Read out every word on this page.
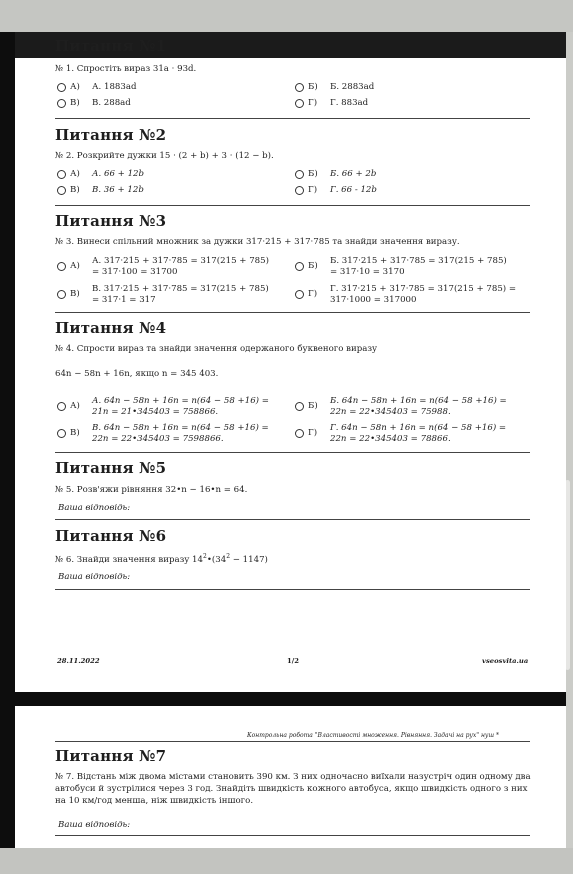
Питання №1
№ 1. Спростіть вираз 31a · 93d.
А) А. 1883ad	Б) Б. 2883ad
В) В. 288ad	Г) Г. 883ad
Питання №2
№ 2. Розкрийте дужки 15 · (2 + b) + 3 · (12 − b).
А) А. 66 + 12b	Б) Б. 66 + 2b
В) В. 36 + 12b	Г) Г. 66 - 12b
Питання №3
№ 3. Винеси спільний множник за дужки 317·215 + 317·785 та знайди значення виразу.
А) А. 317·215 + 317·785 = 317(215 + 785)
= 317·100 = 31700
Б) Б. 317·215 + 317·785 = 317(215 + 785)
= 317·10 = 3170
В) В. 317·215 + 317·785 = 317(215 + 785)
= 317·1 = 317
Г) Г. 317·215 + 317·785 = 317(215 + 785) =
317·1000 = 317000
Питання №4
№ 4. Спрости вираз та знайди значення одержаного буквеного виразу
64n − 58n + 16n, якщо n = 345 403.
А) А. 64n − 58n + 16n = n(64 − 58 +16) =
21n = 21•345403 = 758866.
Б) Б. 64n − 58n + 16n = n(64 − 58 +16) =
22n = 22•345403 = 75988.
В) В. 64n − 58n + 16n = n(64 − 58 +16) =
22n = 22•345403 = 7598866.
Г) Г. 64n − 58n + 16n = n(64 − 58 +16) =
22n = 22•345403 = 78866.
Питання №5
№ 5. Розв'яжи рівняння 32•n − 16•n = 64.
Ваша відповідь:
Питання №6
№ 6. Знайди значення виразу $14^2•(34^2 - 1147)$
Ваша відповідь:
28.11.2022	1/2	vseosvita.ua
Контрольна робота "Властивості множення. Рівняння. Задачі на рух" нуш *
Питання №7
№ 7. Відстань між двома містами становить 390 км. З них одночасно виїхали назустріч один одному два автобуси й зустрілися через 3 год. Знайдіть швидкість кожного автобуса, якщо швидкість одного з них на 10 км/год менша, ніж швидкість іншого.
Ваша відповідь:
